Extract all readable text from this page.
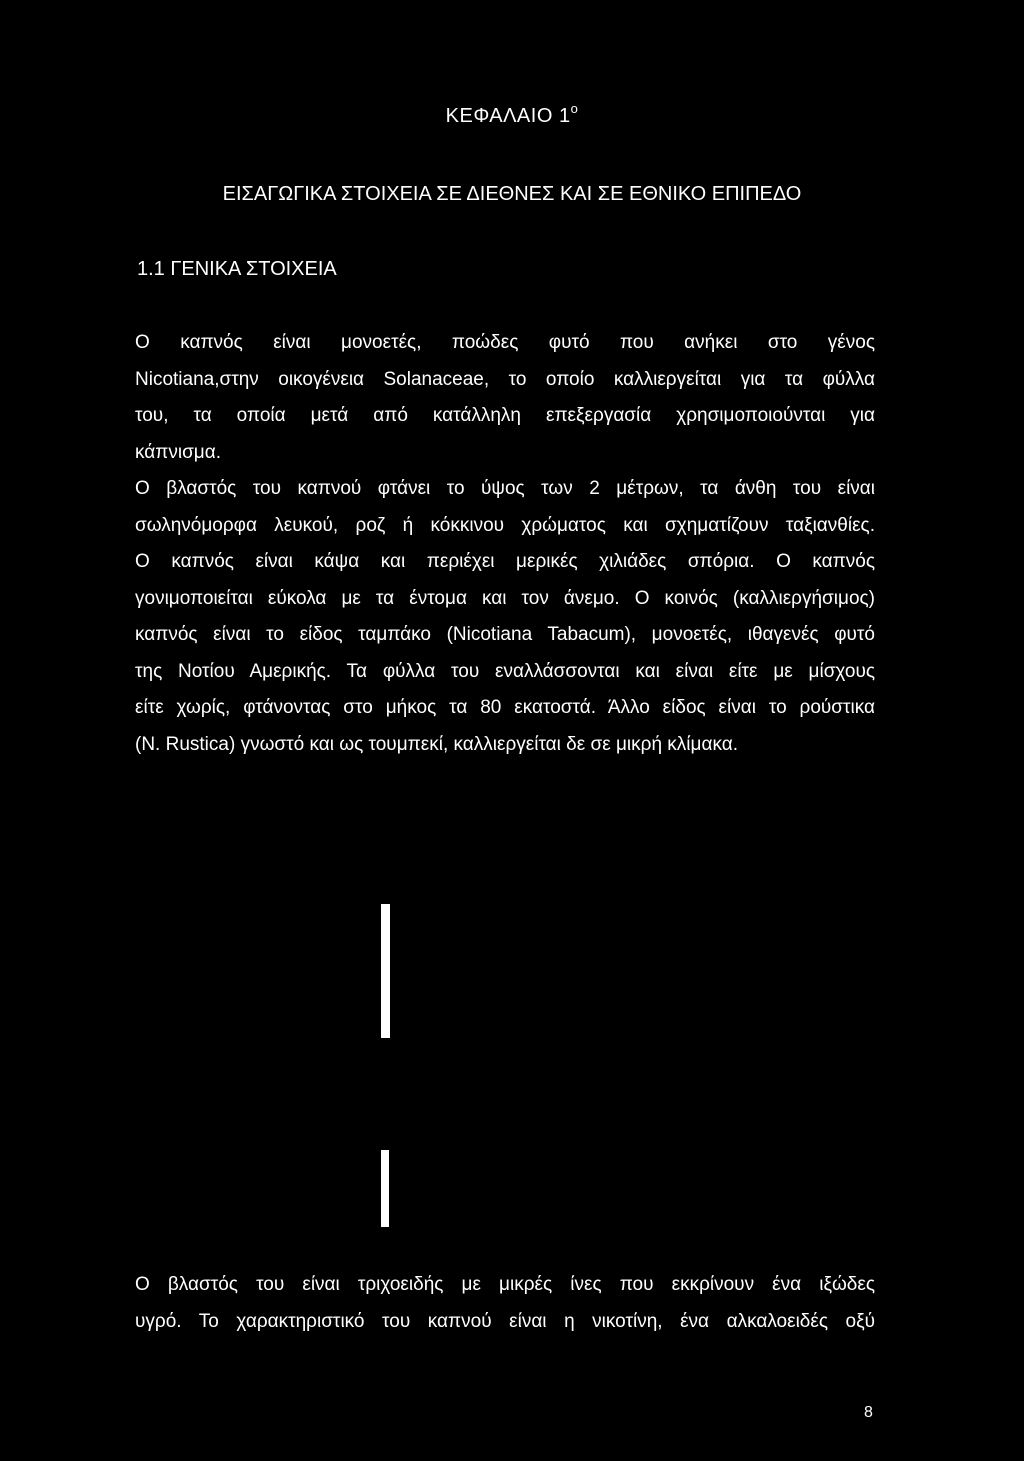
ΚΕΦΑΛΑΙΟ $1^o$
ΕΙΣΑΓΩΓΙΚΑ ΣΤΟΙΧΕΙΑ ΣΕ ΔΙΕΘΝΕΣ ΚΑΙ ΣΕ ΕΘΝΙΚΟ ΕΠΙΠΕΔΟ
1.1 ΓΕΝΙΚΑ ΣΤΟΙΧΕΙΑ
Ο καπνός είναι μονοετές, ποώδες φυτό που ανήκει στο γένος
Nicotiana,στην οικογένεια Solanaceae, το οποίο καλλιεργείται για τα φύλλα
του, τα οποία μετά από κατάλληλη επεξεργασία χρησιμοποιούνται για
κάπνισμα.
Ο βλαστός του καπνού φτάνει το ύψος των 2 μέτρων, τα άνθη του είναι
σωληνόμορφα λευκού, ροζ ή κόκκινου χρώματος και σχηματίζουν ταξιανθίες.
Ο καπνός είναι κάψα και περιέχει μερικές χιλιάδες σπόρια. Ο καπνός
γονιμοποιείται εύκολα με τα έντομα και τον άνεμο. Ο κοινός (καλλιεργήσιμος)
καπνός είναι το είδος ταμπάκο (Nicotiana Tabacum), μονοετές, ιθαγενές φυτό
της Νοτίου Αμερικής. Τα φύλλα του εναλλάσσονται και είναι είτε με μίσχους
είτε χωρίς, φτάνοντας στο μήκος τα 80 εκατοστά. Άλλο είδος είναι το ρούστικα
(Ν. Rustica) γνωστό και ως τουμπεκί, καλλιεργείται δε σε μικρή κλίμακα.
Ο βλαστός του είναι τριχοειδής με μικρές ίνες που εκκρίνουν ένα ιξώδες
υγρό. Το χαρακτηριστικό του καπνού είναι η νικοτίνη, ένα αλκαλοειδές οξύ
8
